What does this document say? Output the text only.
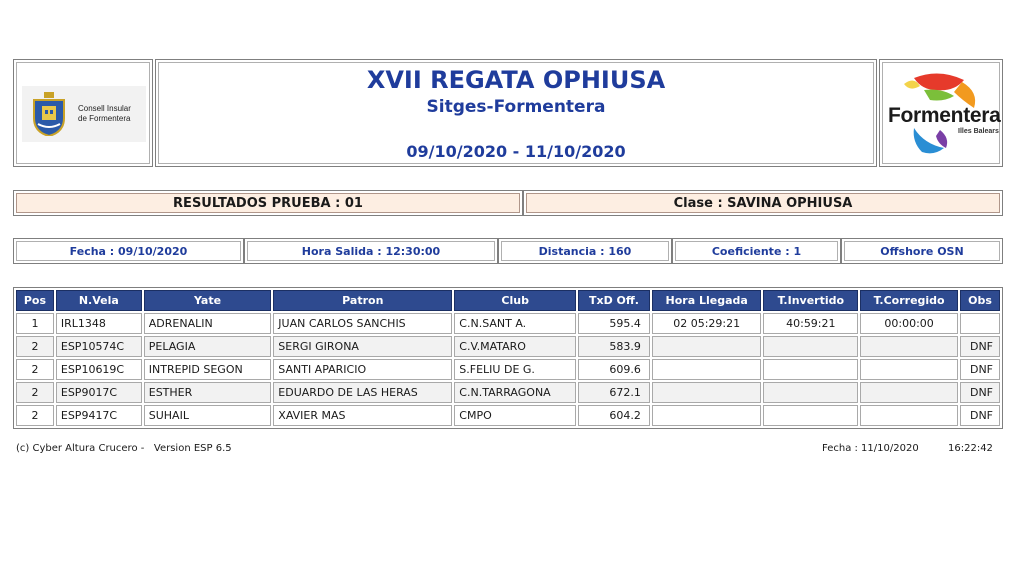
Consell Insular
de Formentera
XVII REGATA OPHIUSA
Sitges-Formentera
09/10/2020 - 11/10/2020
Formentera
Illes Balears
RESULTADOS PRUEBA : 01	Clase : SAVINA OPHIUSA
Fecha : 09/10/2020	Hora Salida : 12:30:00	Distancia : 160	Coeficiente : 1	Offshore OSN
Pos	N.Vela	Yate	Patron	Club	TxD Off.	Hora Llegada	T.Invertido	T.Corregido	Obs
1	IRL1348	ADRENALIN	JUAN CARLOS SANCHIS	C.N.SANT A.	595.4	02 05:29:21	40:59:21	00:00:00	
2	ESP10574C	PELAGIA	SERGI GIRONA	C.V.MATARO	583.9				DNF
2	ESP10619C	INTREPID SEGON	SANTI APARICIO	S.FELIU DE G.	609.6				DNF
2	ESP9017C	ESTHER	EDUARDO DE LAS HERAS	C.N.TARRAGONA	672.1				DNF
2	ESP9417C	SUHAIL	XAVIER MAS	CMPO	604.2				DNF
(c) Cyber Altura Crucero -   Version ESP 6.5	Fecha : 11/10/2020	16:22:42
